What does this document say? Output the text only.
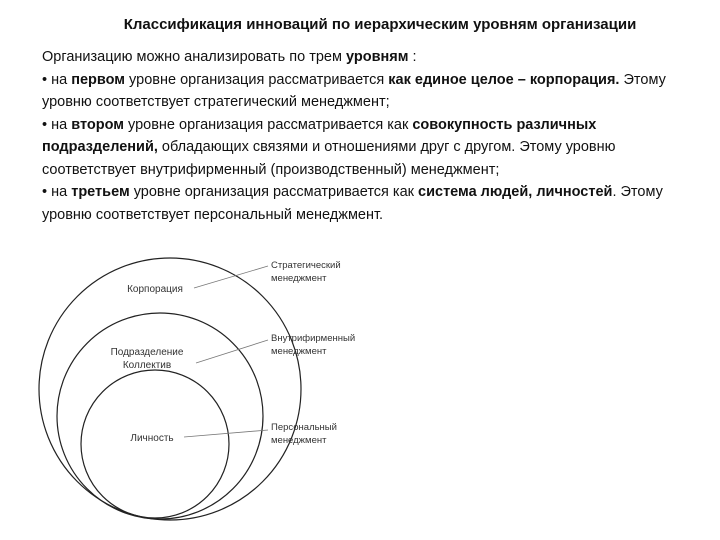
Классификация инноваций по иерархическим уровням организации

Организацию можно анализировать по трем уровням :

• на первом уровне организация рассматривается как единое целое – корпорация. Этому уровню соответствует стратегический менеджмент;

• на втором уровне организация рассматривается как совокупность различных подразделений, обладающих связями и отношениями друг с другом. Этому уровню соответствует внутрифирменный (производственный) менеджмент;

• на третьем уровне организация рассматривается как система людей, личностей. Этому уровню соответствует персональный менеджмент.

Корпорация
Подразделение
Коллектив
Личность
Стратегический
менеджмент
Внутрифирменный
менеджмент
Персональный
менеджмент
